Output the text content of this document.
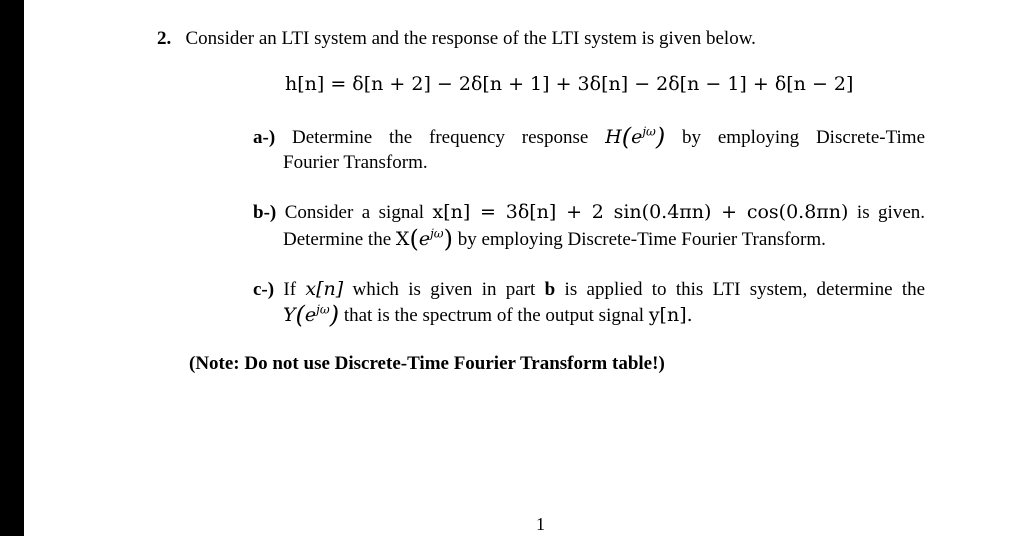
2. Consider an LTI system and the response of the LTI system is given below.
h[n] = δ[n + 2] − 2δ[n + 1] + 3δ[n] − 2δ[n − 1] + δ[n − 2]
a-) Determine the frequency response $H(e^{j\omega})$ by employing Discrete-Time
Fourier Transform.
b-) Consider a signal x[n] = 3δ[n] + 2 sin(0.4πn) + cos(0.8πn) is given.
Determine the $X(e^{j\omega})$ by employing Discrete-Time Fourier Transform.
c-) If x[n] which is given in part b is applied to this LTI system, determine the
$Y(e^{j\omega})$ that is the spectrum of the output signal y[n].
(Note: Do not use Discrete-Time Fourier Transform table!)
1
